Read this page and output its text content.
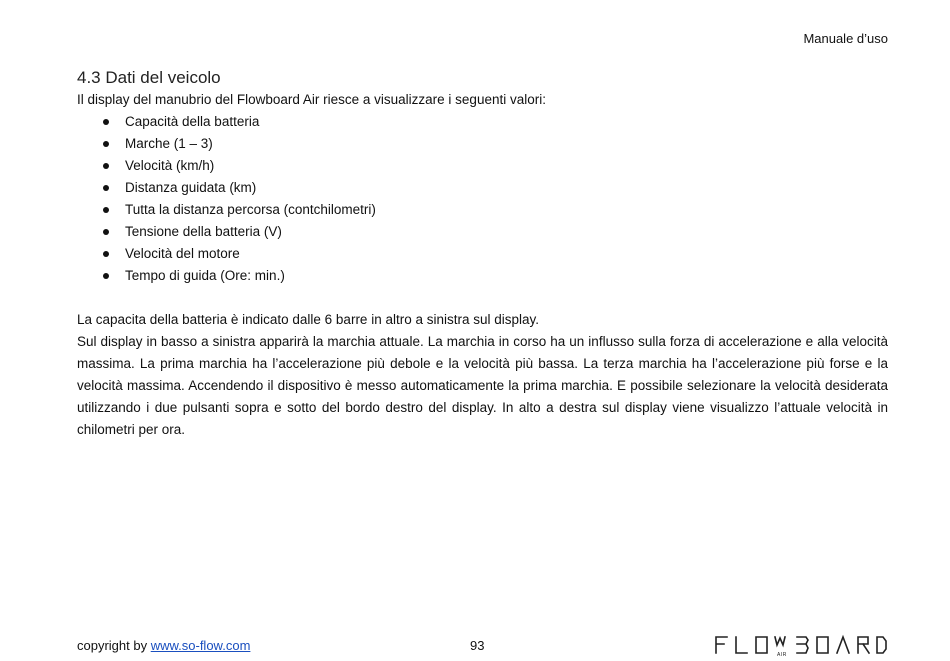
Manuale d’uso
4.3 Dati del veicolo

Il display del manubrio del Flowboard Air riesce a visualizzare i seguenti valori:

Capacità della batteria
Marche (1 – 3)
Velocità (km/h)
Distanza guidata (km)
Tutta la distanza percorsa (contchilometri)
Tensione della batteria (V)
Velocità del motore
Tempo di guida (Ore: min.)

La capacita della batteria è indicato dalle 6 barre in altro a sinistra sul display.

Sul display in basso a sinistra apparirà la marchia attuale. La marchia in corso ha un influsso sulla forza di accelerazione e alla velocità massima. La prima marchia ha l’accelerazione più debole e la velocità più bassa. La terza marchia ha l’accelerazione più forse e la velocità massima. Accendendo il dispositivo è messo automaticamente la prima marchia. E possibile selezionare la velocità desiderata utilizzando i due pulsanti sopra e sotto del bordo destro del display. In alto a destra sul display viene visualizzo l’attuale velocità in chilometri per ora.

copyright by www.so-flow.com	93
AIR
